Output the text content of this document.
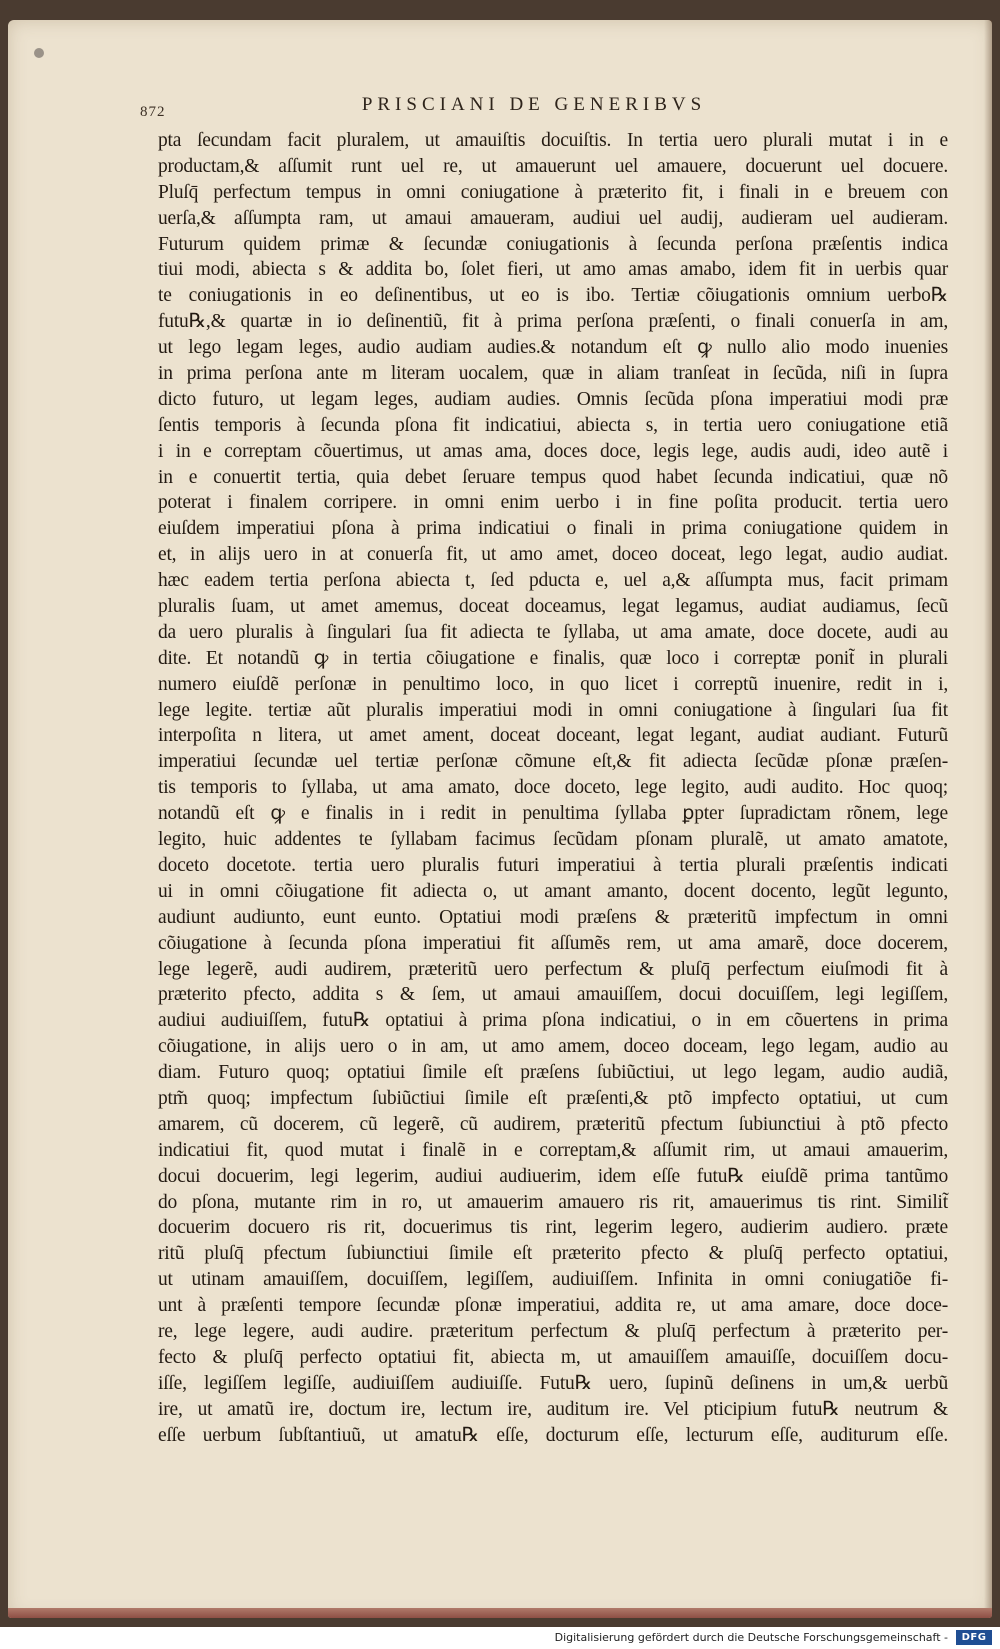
872	PRISCIANI DE GENERIBVS
pta ſecundam facit pluralem, ut amauiſtis docuiſtis. In tertia uero plurali mutat i in e
productam,& aſſumit runt uel re, ut amauerunt uel amauere, docuerunt uel docuere.
Pluſq̄ perfectum tempus in omni coniugatione à præterito fit, i finali in e breuem con
uerſa,& aſſumpta ram, ut amaui amaueram, audiui uel audij, audieram uel audieram.
Futurum quidem primæ & ſecundæ coniugationis à ſecunda perſona præſentis indica
tiui modi, abiecta s & addita bo, ſolet fieri, ut amo amas amabo, idem fit in uerbis quar
te coniugationis in eo deſinentibus, ut eo is ibo. Tertiæ cõiugationis omnium uerbo℞
futu℞,& quartæ in io deſinentiũ, fit à prima perſona præſenti, o finali conuerſa in am,
ut lego legam leges, audio audiam audies.& notandum eſt ꝙ nullo alio modo inuenies
in prima perſona ante m literam uocalem, quæ in aliam tranſeat in ſecũda, niſi in ſupra
dicto futuro, ut legam leges, audiam audies. Omnis ſecũda pſona imperatiui modi præ
ſentis temporis à ſecunda pſona fit indicatiui, abiecta s, in tertia uero coniugatione etiã
i in e correptam cõuertimus, ut amas ama, doces doce, legis lege, audis audi, ideo autẽ i
in e conuertit tertia, quia debet ſeruare tempus quod habet ſecunda indicatiui, quæ nõ
poterat i finalem corripere. in omni enim uerbo i in fine poſita producit. tertia uero
eiuſdem imperatiui pſona à prima indicatiui o finali in prima coniugatione quidem in
et, in alijs uero in at conuerſa fit, ut amo amet, doceo doceat, lego legat, audio audiat.
hæc eadem tertia perſona abiecta t, ſed pducta e, uel a,& aſſumpta mus, facit primam
pluralis ſuam, ut amet amemus, doceat doceamus, legat legamus, audiat audiamus, ſecũ
da uero pluralis à ſingulari ſua fit adiecta te ſyllaba, ut ama amate, doce docete, audi au
dite. Et notandũ ꝙ in tertia cõiugatione e finalis, quæ loco i correptæ ponit̃ in plurali
numero eiuſdẽ perſonæ in penultimo loco, in quo licet i correptũ inuenire, redit in i,
lege legite. tertiæ aũt pluralis imperatiui modi in omni coniugatione à ſingulari ſua fit
interpoſita n litera, ut amet ament, doceat doceant, legat legant, audiat audiant. Futurũ
imperatiui ſecundæ uel tertiæ perſonæ cõmune eſt,& fit adiecta ſecũdæ pſonæ præſen-
tis temporis to ſyllaba, ut ama amato, doce doceto, lege legito, audi audito. Hoc quoq;
notandũ eſt ꝙ e finalis in i redit in penultima ſyllaba ꝑpter ſupradictam rõnem, lege
legito, huic addentes te ſyllabam facimus ſecũdam pſonam pluralẽ, ut amato amatote,
doceto docetote. tertia uero pluralis futuri imperatiui à tertia plurali præſentis indicati
ui in omni cõiugatione fit adiecta o, ut amant amanto, docent docento, legũt legunto,
audiunt audiunto, eunt eunto. Optatiui modi præſens & præteritũ impfectum in omni
cõiugatione à ſecunda pſona imperatiui fit aſſumẽs rem, ut ama amarẽ, doce docerem,
lege legerẽ, audi audirem, præteritũ uero perfectum & pluſq̄ perfectum eiuſmodi fit à
præterito pfecto, addita s & ſem, ut amaui amauiſſem, docui docuiſſem, legi legiſſem,
audiui audiuiſſem, futu℞ optatiui à prima pſona indicatiui, o in em cõuertens in prima
cõiugatione, in alijs uero o in am, ut amo amem, doceo doceam, lego legam, audio au
diam. Futuro quoq; optatiui ſimile eſt præſens ſubiũctiui, ut lego legam, audio audiã,
ptm̃ quoq; impfectum ſubiũctiui ſimile eſt præſenti,& ptõ impfecto optatiui, ut cum
amarem, cũ docerem, cũ legerẽ, cũ audirem, præteritũ pfectum ſubiunctiui à ptõ pfecto
indicatiui fit, quod mutat i finalẽ in e correptam,& aſſumit rim, ut amaui amauerim,
docui docuerim, legi legerim, audiui audiuerim, idem eſſe futu℞ eiuſdẽ prima tantũmo
do pſona, mutante rim in ro, ut amauerim amauero ris rit, amauerimus tis rint. Similit̃
docuerim docuero ris rit, docuerimus tis rint, legerim legero, audierim audiero. præte
ritũ pluſq̄ pfectum ſubiunctiui ſimile eſt præterito pfecto & pluſq̄ perfecto optatiui,
ut utinam amauiſſem, docuiſſem, legiſſem, audiuiſſem. Infinita in omni coniugatiõe fi-
unt à præſenti tempore ſecundæ pſonæ imperatiui, addita re, ut ama amare, doce doce-
re, lege legere, audi audire. præteritum perfectum & pluſq̄ perfectum à præterito per-
fecto & pluſq̄ perfecto optatiui fit, abiecta m, ut amauiſſem amauiſſe, docuiſſem docu-
iſſe, legiſſem legiſſe, audiuiſſem audiuiſſe. Futu℞ uero, ſupinũ deſinens in um,& uerbũ
ire, ut amatũ ire, doctum ire, lectum ire, auditum ire. Vel pticipium futu℞ neutrum &
eſſe uerbum ſubſtantiuũ, ut amatu℞ eſſe, docturum eſſe, lecturum eſſe, auditurum eſſe.
Digitalisierung gefördert durch die Deutsche Forschungsgemeinschaft -	DFG
